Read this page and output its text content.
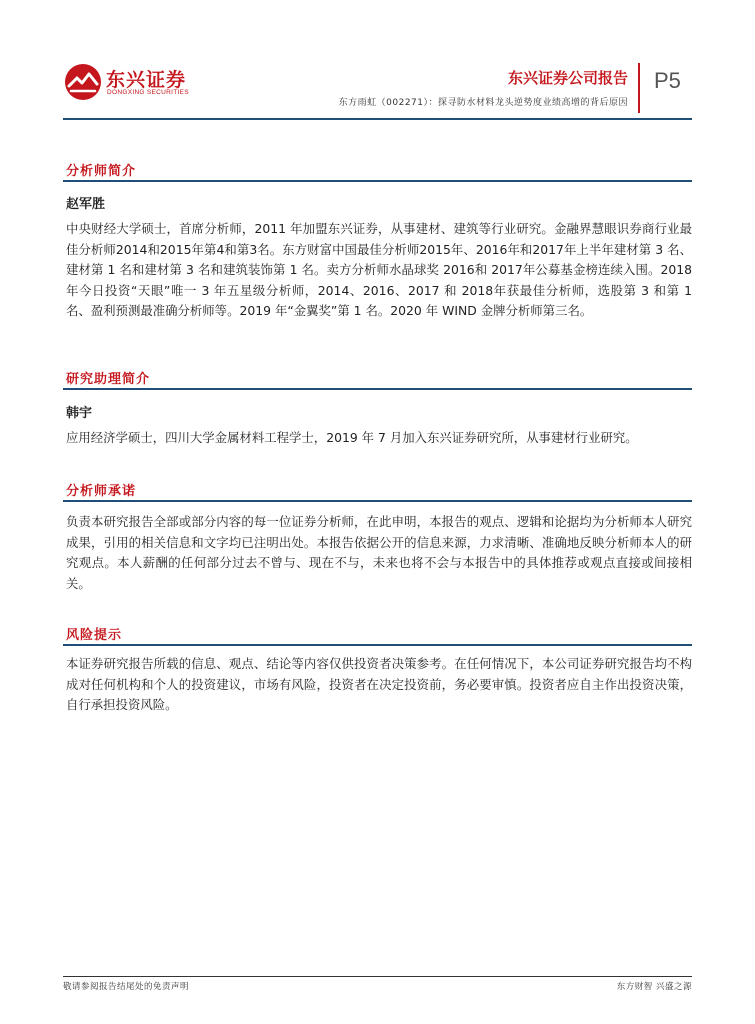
东兴证券
DONGXING SECURITIES
东兴证券公司报告
东方雨虹（002271）：探寻防水材料龙头逆势度业绩高增的背后原因
P5
分析师简介
赵军胜
中央财经大学硕士，首席分析师，2011 年加盟东兴证券，从事建材、建筑等行业研究。金融界慧眼识券商行业最佳分析师2014和2015年第4和第3名。东方财富中国最佳分析师2015年、2016年和2017年上半年建材第 3 名、建材第 1 名和建材第 3 名和建筑装饰第 1 名。卖方分析师水晶球奖 2016和 2017年公募基金榜连续入围。2018 年今日投资“天眼”唯一 3 年五星级分析师，2014、2016、2017 和 2018年获最佳分析师，选股第 3 和第 1 名、盈利预测最准确分析师等。2019 年“金翼奖”第 1 名。2020 年 WIND 金牌分析师第三名。
研究助理简介
韩宇
应用经济学硕士，四川大学金属材料工程学士，2019 年 7 月加入东兴证券研究所，从事建材行业研究。
分析师承诺
负责本研究报告全部或部分内容的每一位证券分析师，在此申明，本报告的观点、逻辑和论据均为分析师本人研究成果，引用的相关信息和文字均已注明出处。本报告依据公开的信息来源，力求清晰、准确地反映分析师本人的研究观点。本人薪酬的任何部分过去不曾与、现在不与，未来也将不会与本报告中的具体推荐或观点直接或间接相关。
风险提示
本证券研究报告所载的信息、观点、结论等内容仅供投资者决策参考。在任何情况下，本公司证券研究报告均不构成对任何机构和个人的投资建议，市场有风险，投资者在决定投资前，务必要审慎。投资者应自主作出投资决策，自行承担投资风险。
敬请参阅报告结尾处的免责声明	东方财智 兴盛之源
